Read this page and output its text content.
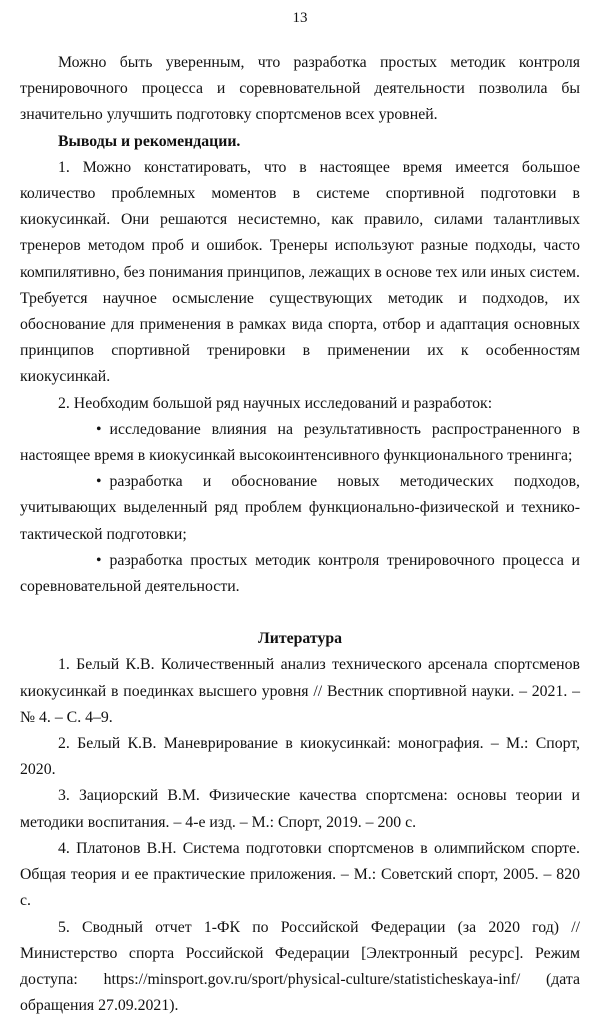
13

Можно быть уверенным, что разработка простых методик контроля тренировочного процесса и соревновательной деятельности позволила бы значительно улучшить подготовку спортсменов всех уровней.

Выводы и рекомендации.

1. Можно констатировать, что в настоящее время имеется большое количество проблемных моментов в системе спортивной подготовки в киокусинкай. Они решаются несистемно, как правило, силами талантливых тренеров методом проб и ошибок. Тренеры используют разные подходы, часто компилятивно, без понимания принципов, лежащих в основе тех или иных систем. Требуется научное осмысление существующих методик и подходов, их обоснование для применения в рамках вида спорта, отбор и адаптация основных принципов спортивной тренировки в применении их к особенностям киокусинкай.

2. Необходим большой ряд научных исследований и разработок:

• исследование влияния на результативность распространенного в настоящее время в киокусинкай высокоинтенсивного функционального тренинга;

• разработка и обоснование новых методических подходов, учитывающих выделенный ряд проблем функционально-физической и технико-тактической подготовки;

• разработка простых методик контроля тренировочного процесса и соревновательной деятельности.

Литература

1. Белый К.В. Количественный анализ технического арсенала спортсменов киокусинкай в поединках высшего уровня // Вестник спортивной науки. – 2021. – № 4. – С. 4–9.

2. Белый К.В. Маневрирование в киокусинкай: монография. – М.: Спорт, 2020.

3. Зациорский В.М. Физические качества спортсмена: основы теории и методики воспитания. – 4-е изд. – М.: Спорт, 2019. – 200 с.

4. Платонов В.Н. Система подготовки спортсменов в олимпийском спорте. Общая теория и ее практические приложения. – М.: Советский спорт, 2005. – 820 с.

5. Сводный отчет 1-ФК по Российской Федерации (за 2020 год) // Министерство спорта Российской Федерации [Электронный ресурс]. Режим доступа: https://minsport.gov.ru/sport/physical-culture/statisticheskaya-inf/ (дата обращения 27.09.2021).
